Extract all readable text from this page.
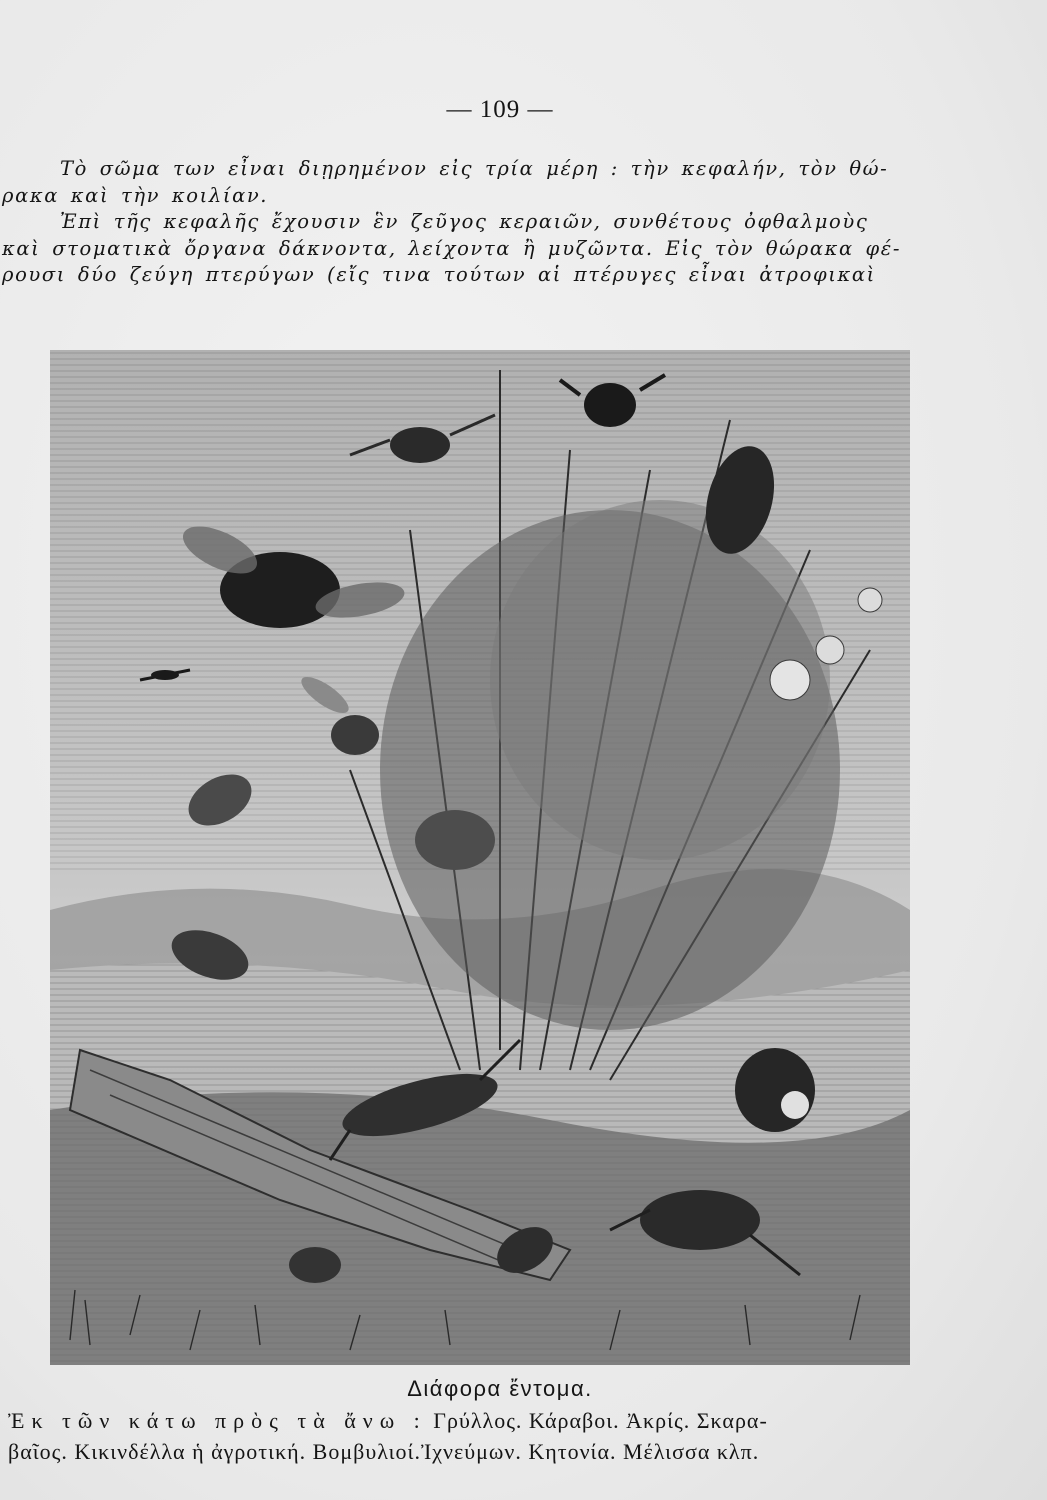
— 109 —
Τὸ σῶμα των εἶναι διῃρημένον εἰς τρία μέρη : τὴν κεφαλήν, τὸν θώ-
ρακα καὶ τὴν κοιλίαν.
Ἐπὶ τῆς κεφαλῆς ἔχουσιν ἓν ζεῦγος κεραιῶν, συνθέτους ὀφθαλμοὺς
καὶ στοματικὰ ὄργανα δάκνοντα, λείχοντα ἢ μυζῶντα. Εἰς τὸν θώρακα φέ-
ρουσι δύο ζεύγη πτερύγων (εἴς τινα τούτων αἱ πτέρυγες εἶναι ἀτροφικαὶ
Διάφορα ἔντομα.
Ἐκ τῶν κάτω πρὸς τὰ ἄνω : Γρύλλος. Κάραβοι. Ἀκρίς. Σκαρα-
βαῖος. Κικινδέλλα ἡ ἀγροτική. Βομβυλιοί.Ἰχνεύμων. Κητονία. Μέλισσα κλπ.
